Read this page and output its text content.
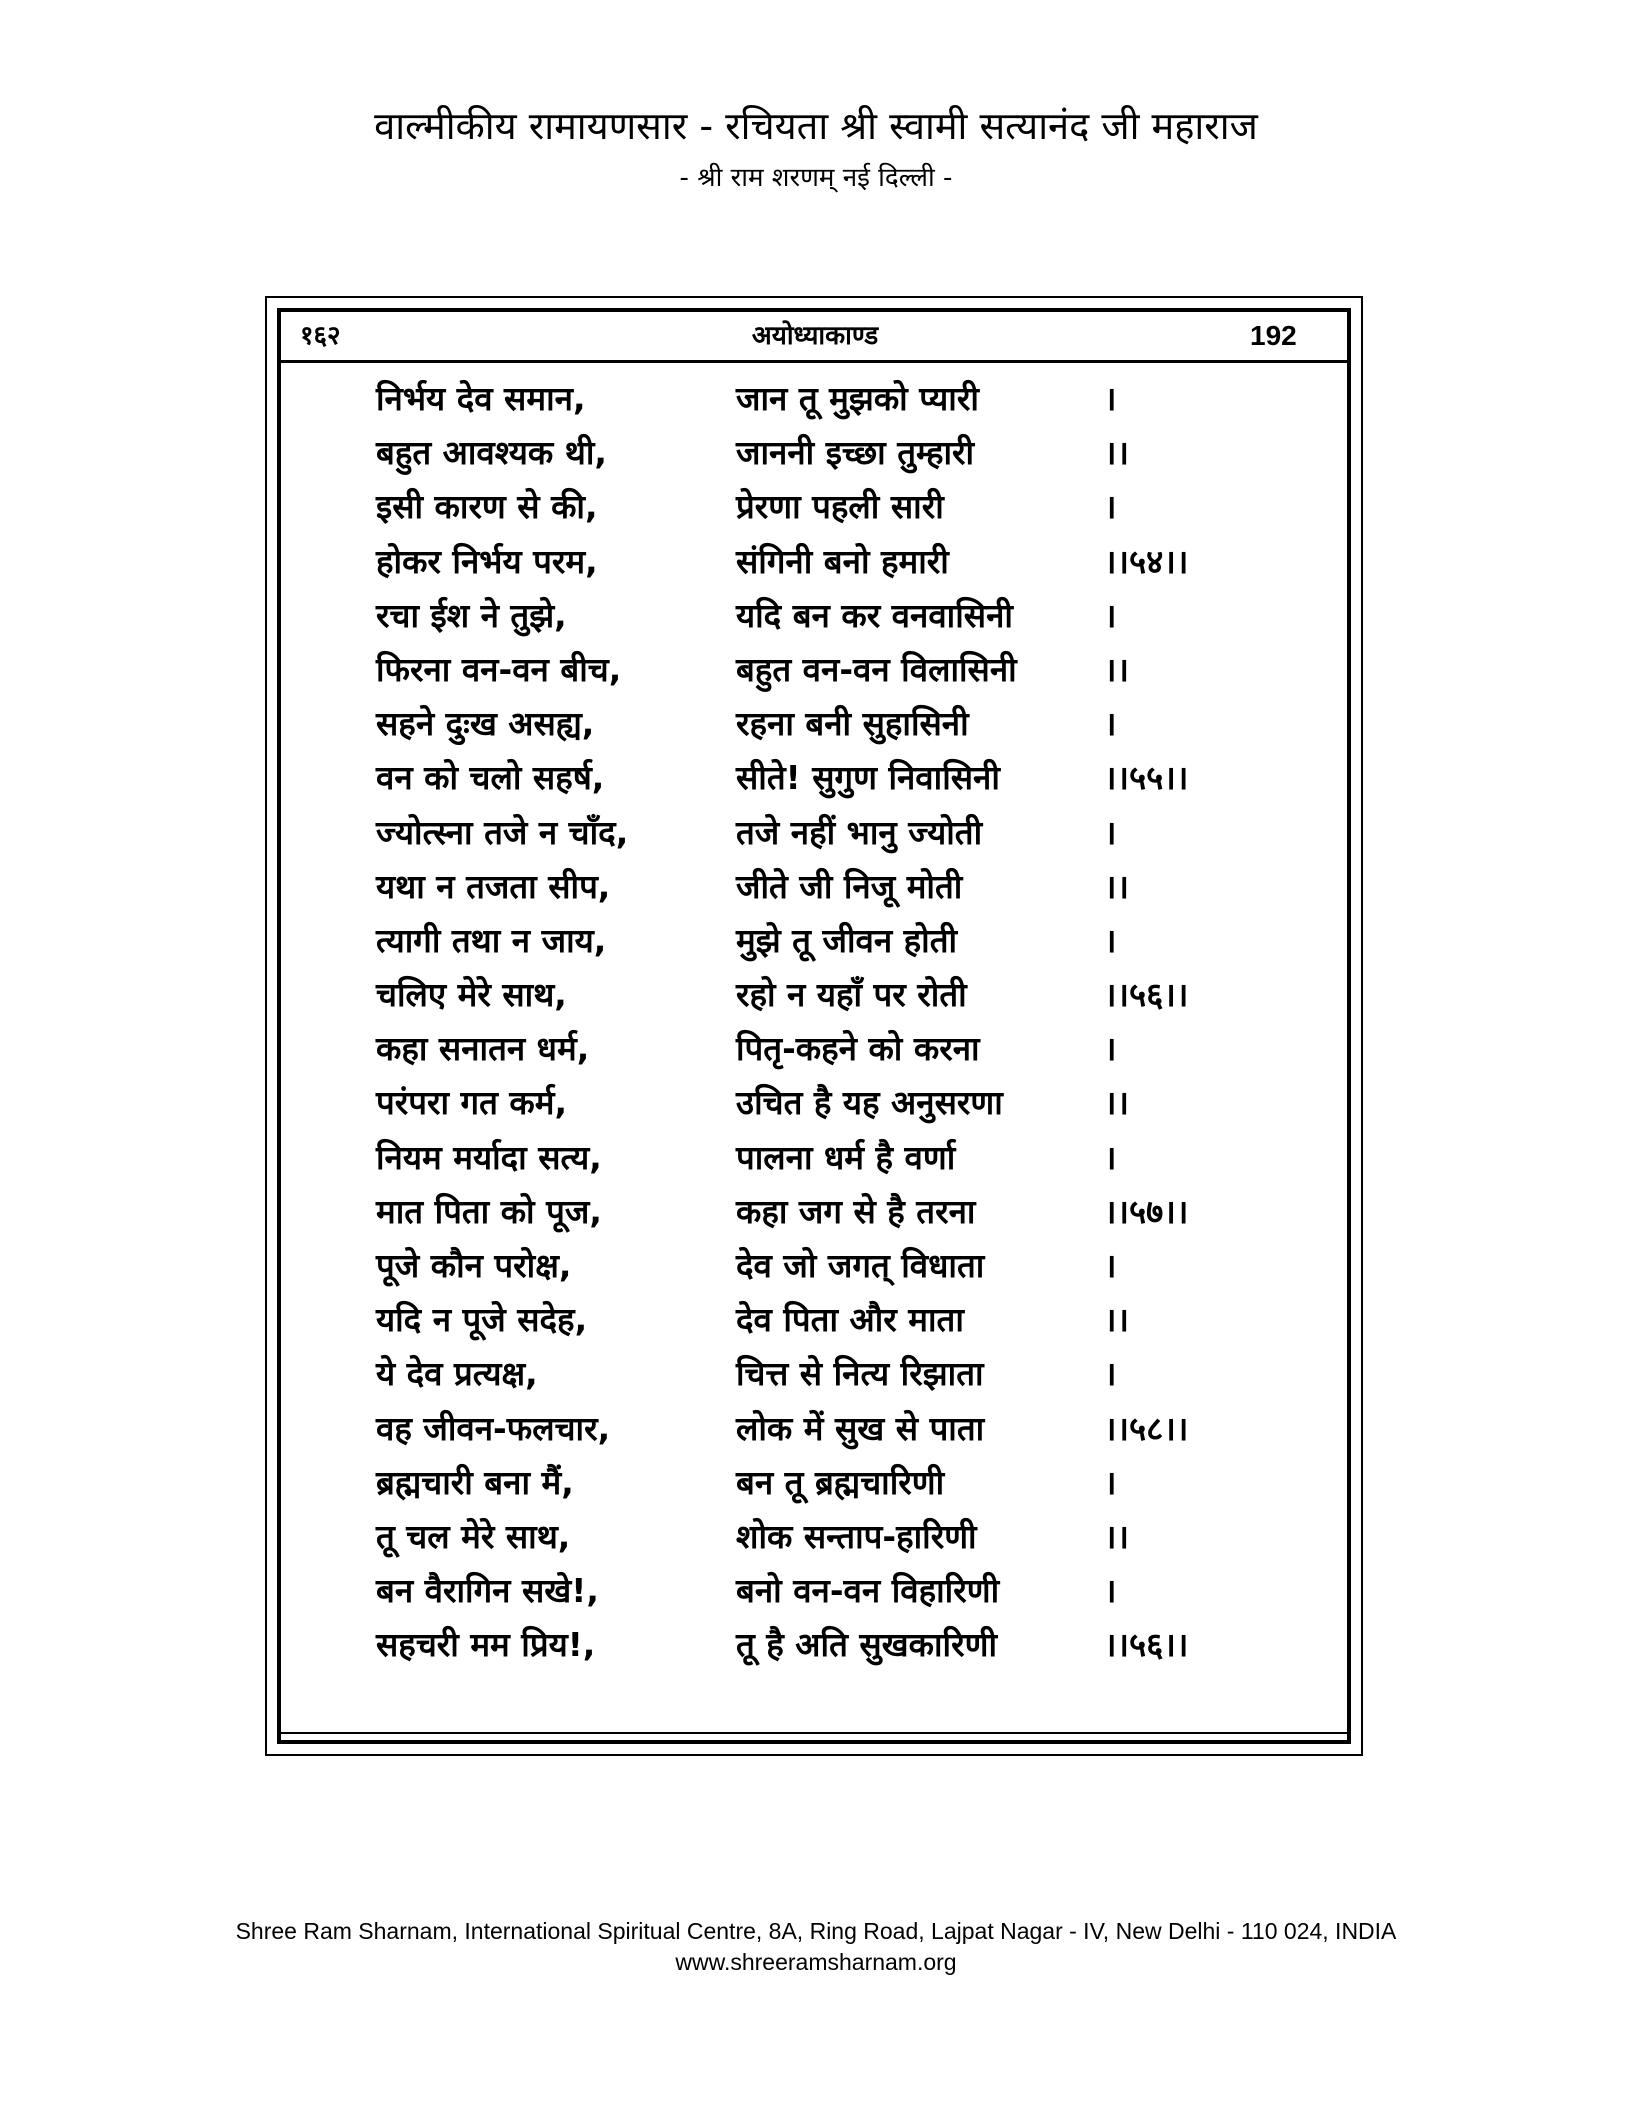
वाल्मीकीय रामायणसार - रचियता श्री स्वामी सत्यानंद जी महाराज
- श्री राम शरणम् नई दिल्ली -
१६२	अयोध्याकाण्ड	192
निर्भय देव समान,	जान तू मुझको प्यारी	।
बहुत आवश्यक थी,	जाननी इच्छा तुम्हारी	।।
इसी कारण से की,	प्रेरणा पहली सारी	।
होकर निर्भय परम,	संगिनी बनो हमारी	।।५४।।
रचा ईश ने तुझे,	यदि बन कर वनवासिनी	।
फिरना वन-वन बीच,	बहुत वन-वन विलासिनी	।।
सहने दुःख असह्य,	रहना बनी सुहासिनी	।
वन को चलो सहर्ष,	सीते! सुगुण निवासिनी	।।५५।।
ज्योत्स्ना तजे न चाँद,	तजे नहीं भानु ज्योती	।
यथा न तजता सीप,	जीते जी निजू मोती	।।
त्यागी तथा न जाय,	मुझे तू जीवन होती	।
चलिए मेरे साथ,	रहो न यहाँ पर रोती	।।५६।।
कहा सनातन धर्म,	पितृ-कहने को करना	।
परंपरा गत कर्म,	उचित है यह अनुसरणा	।।
नियम मर्यादा सत्य,	पालना धर्म है वर्णा	।
मात पिता को पूज,	कहा जग से है तरना	।।५७।।
पूजे कौन परोक्ष,	देव जो जगत् विधाता	।
यदि न पूजे सदेह,	देव पिता और माता	।।
ये देव प्रत्यक्ष,	चित्त से नित्य रिझाता	।
वह जीवन-फलचार,	लोक में सुख से पाता	।।५८।।
ब्रह्मचारी बना मैं,	बन तू ब्रह्मचारिणी	।
तू चल मेरे साथ,	शोक सन्ताप-हारिणी	।।
बन वैरागिन सखे!,	बनो वन-वन विहारिणी	।
सहचरी मम प्रिय!,	तू है अति सुखकारिणी	।।५६।।
Shree Ram Sharnam, International Spiritual Centre, 8A, Ring Road, Lajpat Nagar - IV, New Delhi - 110 024, INDIA
www.shreeramsharnam.org
